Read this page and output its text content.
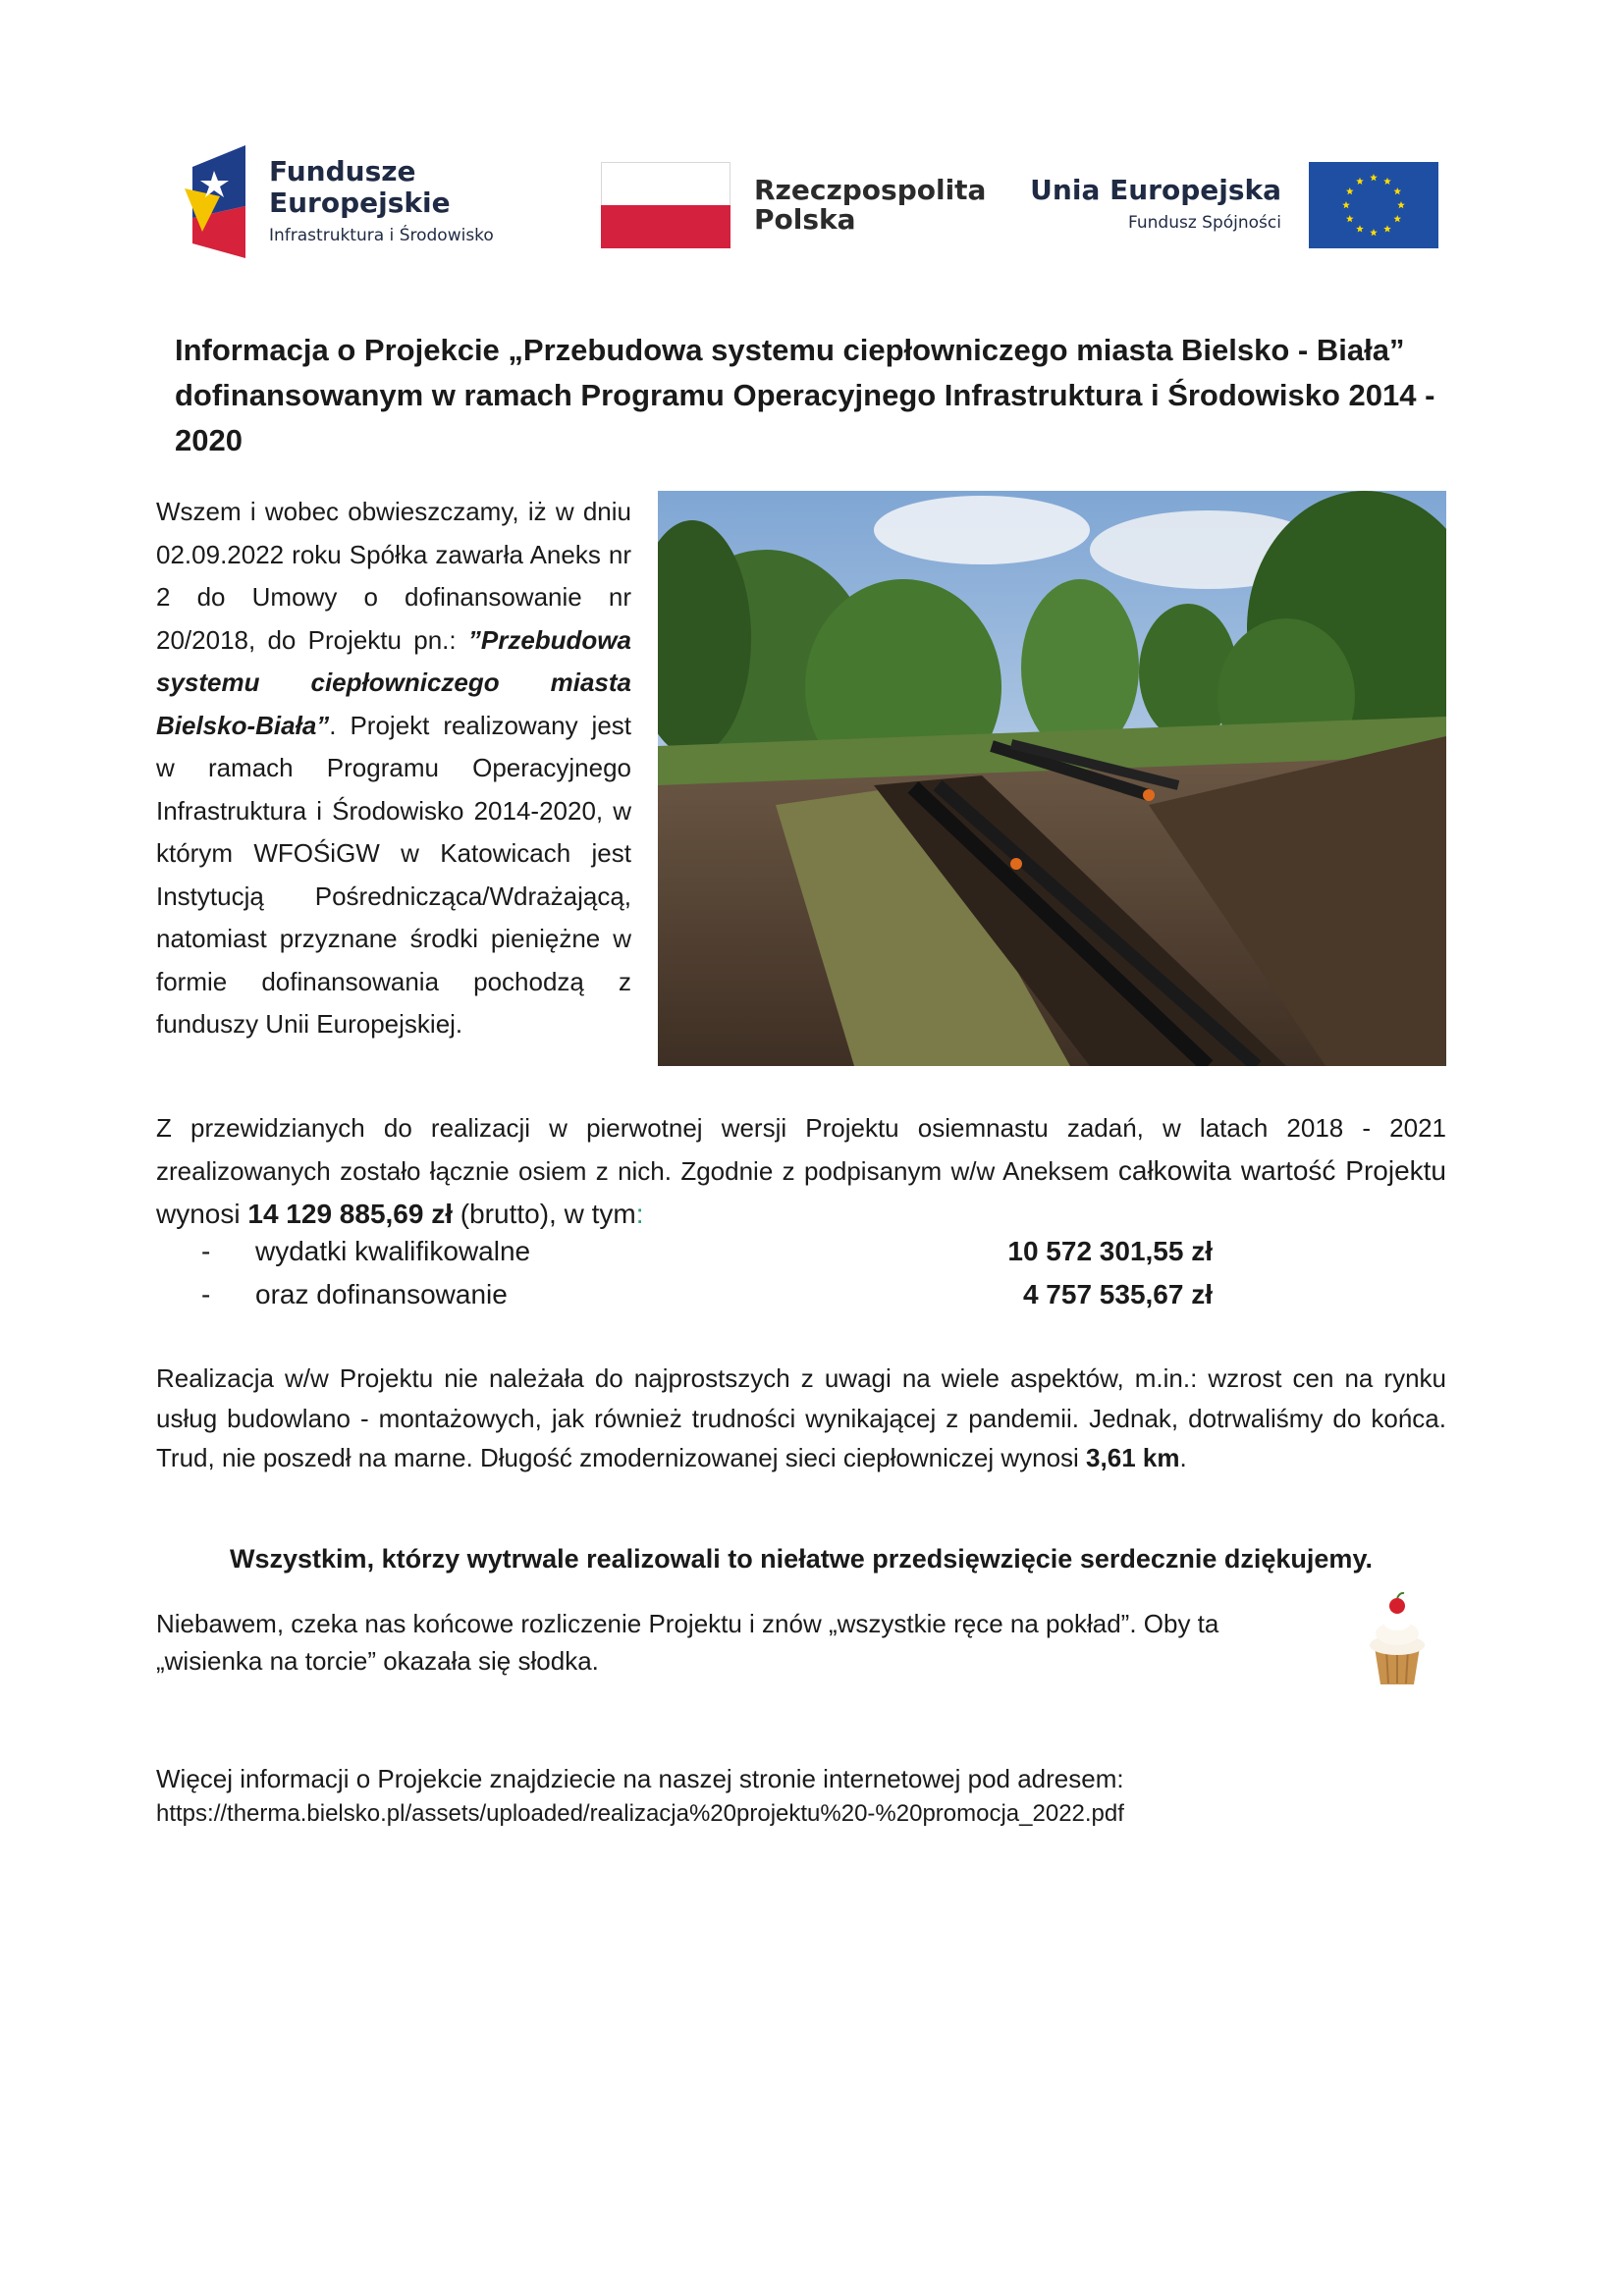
Fundusze
Europejskie
Infrastruktura i Środowisko
Rzeczpospolita
Polska
Unia Europejska
Fundusz Spójności
Informacja o Projekcie „Przebudowa systemu ciepłowniczego miasta Bielsko - Biała” dofinansowanym w ramach Programu Operacyjnego Infrastruktura i Środowisko 2014 - 2020
Wszem i wobec obwieszczamy, iż w dniu 02.09.2022 roku Spółka zawarła Aneks nr 2 do Umowy o dofinansowanie nr 20/2018, do Projektu pn.: ”Przebudowa systemu ciepłowniczego miasta Bielsko-Biała”. Projekt realizowany jest w ramach Programu Operacyjnego Infrastruktura i Środowisko 2014-2020, w którym WFOŚiGW w Katowicach jest Instytucją Pośrednicząca/Wdrażającą, natomiast przyznane środki pieniężne w formie dofinansowania pochodzą z funduszy Unii Europejskiej.
Z przewidzianych do realizacji w pierwotnej wersji Projektu osiemnastu zadań, w latach 2018 - 2021 zrealizowanych zostało łącznie osiem z nich. Zgodnie z podpisanym w/w Aneksem całkowita wartość Projektu wynosi 14 129 885,69 zł (brutto), w tym:
- wydatki kwalifikowalne	10 572 301,55 zł
- oraz dofinansowanie	4 757 535,67 zł
Realizacja w/w Projektu nie należała do najprostszych z uwagi na wiele aspektów, m.in.: wzrost cen na rynku usług budowlano - montażowych, jak również trudności wynikającej z pandemii. Jednak, dotrwaliśmy do końca. Trud, nie poszedł na marne. Długość zmodernizowanej sieci ciepłowniczej wynosi 3,61 km.
Wszystkim, którzy wytrwale realizowali to niełatwe przedsięwzięcie serdecznie dziękujemy.
Niebawem, czeka nas końcowe rozliczenie Projektu i znów „wszystkie ręce na pokład”. Oby ta „wisienka na torcie” okazała się słodka.
Więcej informacji o Projekcie znajdziecie na naszej stronie internetowej pod adresem:
https://therma.bielsko.pl/assets/uploaded/realizacja%20projektu%20-%20promocja_2022.pdf
